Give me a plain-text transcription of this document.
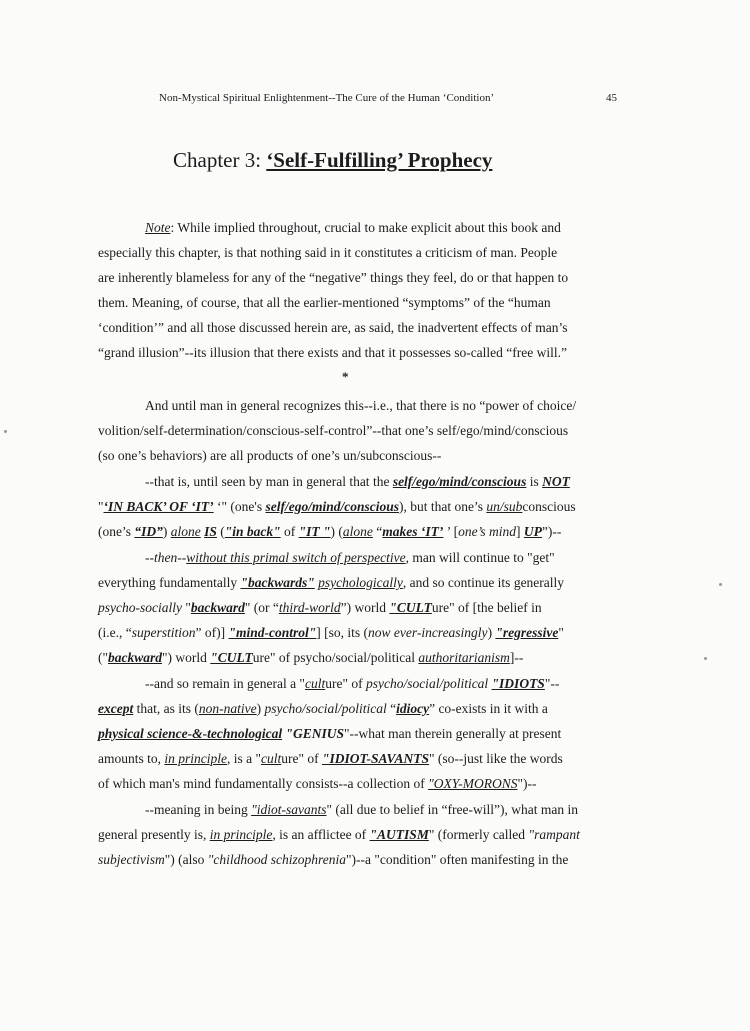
Non-Mystical Spiritual Enlightenment--The Cure of the Human ‘Condition’	45
Chapter 3: ‘Self-Fulfilling’ Prophecy
Note: While implied throughout, crucial to make explicit about this book and
especially this chapter, is that nothing said in it constitutes a criticism of man. People
are inherently blameless for any of the “negative” things they feel, do or that happen to
them. Meaning, of course, that all the earlier-mentioned “symptoms” of the “human
‘condition’” and all those discussed herein are, as said, the inadvertent effects of man’s
“grand illusion”--its illusion that there exists and that it possesses so-called “free will.”
*
And until man in general recognizes this--i.e., that there is no “power of choice/
volition/self-determination/conscious-self-control”--that one’s self/ego/mind/conscious
(so one’s behaviors) are all products of one’s un/subconscious--
--that is, until seen by man in general that the self/ego/mind/conscious is NOT
"‘IN BACK’ OF ‘IT’ ‘" (one's self/ego/mind/conscious), but that one’s un/subconscious
(one’s “ID”) alone IS ("in back" of "IT ") (alone “makes ‘IT’ ’ [one’s mind] UP”)--
--then--without this primal switch of perspective, man will continue to "get"
everything fundamentally "backwards" psychologically, and so continue its generally
psycho-socially "backward" (or “third-world”) world "CULTure" of [the belief in
(i.e., “superstition” of)] "mind-control"] [so, its (now ever-increasingly) "regressive"
("backward") world "CULTure" of psycho/social/political authoritarianism]--
--and so remain in general a "culture" of psycho/social/political "IDIOTS"--
except that, as its (non-native) psycho/social/political “idiocy” co-exists in it with a
physical science-&-technological "GENIUS"--what man therein generally at present
amounts to, in principle, is a "culture" of "IDIOT-SAVANTS" (so--just like the words
of which man's mind fundamentally consists--a collection of "OXY-MORONS")--
--meaning in being "idiot-savants" (all due to belief in “free-will”), what man in
general presently is, in principle, is an afflictee of "AUTISM" (formerly called "rampant
subjectivism") (also "childhood schizophrenia")--a "condition" often manifesting in the
